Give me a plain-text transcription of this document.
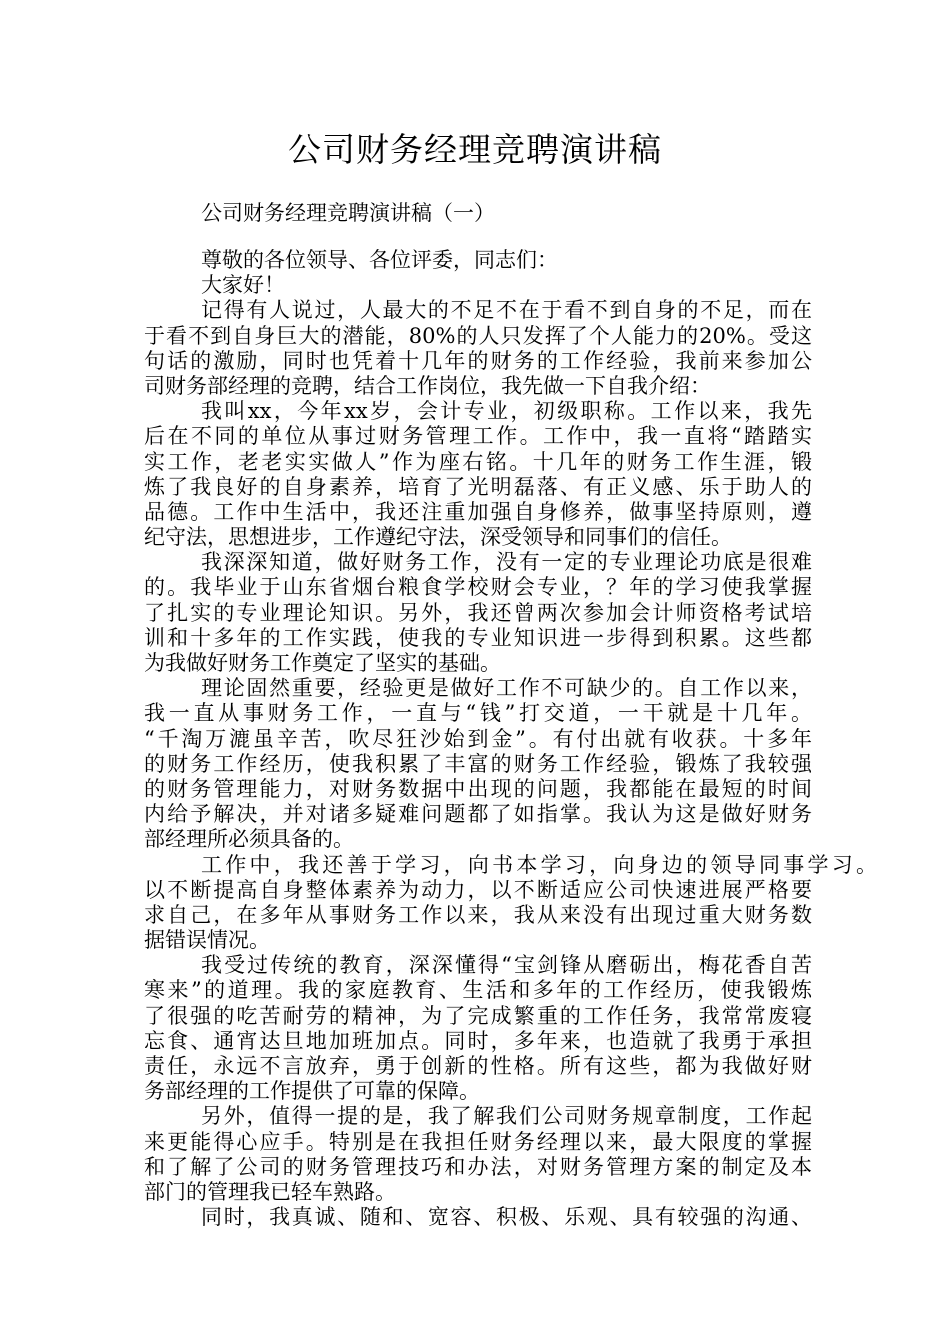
公司财务经理竞聘演讲稿

公司财务经理竞聘演讲稿（一）

尊敬的各位领导、各位评委，同志们：
大家好！
记得有人说过，人最大的不足不在于看不到自身的不足，而在
于看不到自身巨大的潜能，80%的人只发挥了个人能力的20%。受这
句话的激励，同时也凭着十几年的财务的工作经验，我前来参加公
司财务部经理的竞聘，结合工作岗位，我先做一下自我介绍：
我叫xx，今年xx岁，会计专业，初级职称。工作以来，我先
后在不同的单位从事过财务管理工作。工作中，我一直将“踏踏实
实工作，老老实实做人”作为座右铭。十几年的财务工作生涯，锻
炼了我良好的自身素养，培育了光明磊落、有正义感、乐于助人的
品德。工作中生活中，我还注重加强自身修养，做事坚持原则，遵
纪守法，思想进步，工作遵纪守法，深受领导和同事们的信任。
我深深知道，做好财务工作，没有一定的专业理论功底是很难
的。我毕业于山东省烟台粮食学校财会专业，？年的学习使我掌握
了扎实的专业理论知识。另外，我还曾两次参加会计师资格考试培
训和十多年的工作实践，使我的专业知识进一步得到积累。这些都
为我做好财务工作奠定了坚实的基础。
理论固然重要，经验更是做好工作不可缺少的。自工作以来，
我一直从事财务工作，一直与“钱”打交道，一干就是十几年。
“千淘万漉虽辛苦，吹尽狂沙始到金”。有付出就有收获。十多年
的财务工作经历，使我积累了丰富的财务工作经验，锻炼了我较强
的财务管理能力，对财务数据中出现的问题，我都能在最短的时间
内给予解决，并对诸多疑难问题都了如指掌。我认为这是做好财务
部经理所必须具备的。
工作中，我还善于学习，向书本学习，向身边的领导同事学习。
以不断提高自身整体素养为动力，以不断适应公司快速进展严格要
求自己，在多年从事财务工作以来，我从来没有出现过重大财务数
据错误情况。
我受过传统的教育，深深懂得“宝剑锋从磨砺出，梅花香自苦
寒来”的道理。我的家庭教育、生活和多年的工作经历，使我锻炼
了很强的吃苦耐劳的精神，为了完成繁重的工作任务，我常常废寝
忘食、通宵达旦地加班加点。同时，多年来，也造就了我勇于承担
责任，永远不言放弃，勇于创新的性格。所有这些，都为我做好财
务部经理的工作提供了可靠的保障。
另外，值得一提的是，我了解我们公司财务规章制度，工作起
来更能得心应手。特别是在我担任财务经理以来，最大限度的掌握
和了解了公司的财务管理技巧和办法，对财务管理方案的制定及本
部门的管理我已轻车熟路。
同时，我真诚、随和、宽容、积极、乐观、具有较强的沟通、
